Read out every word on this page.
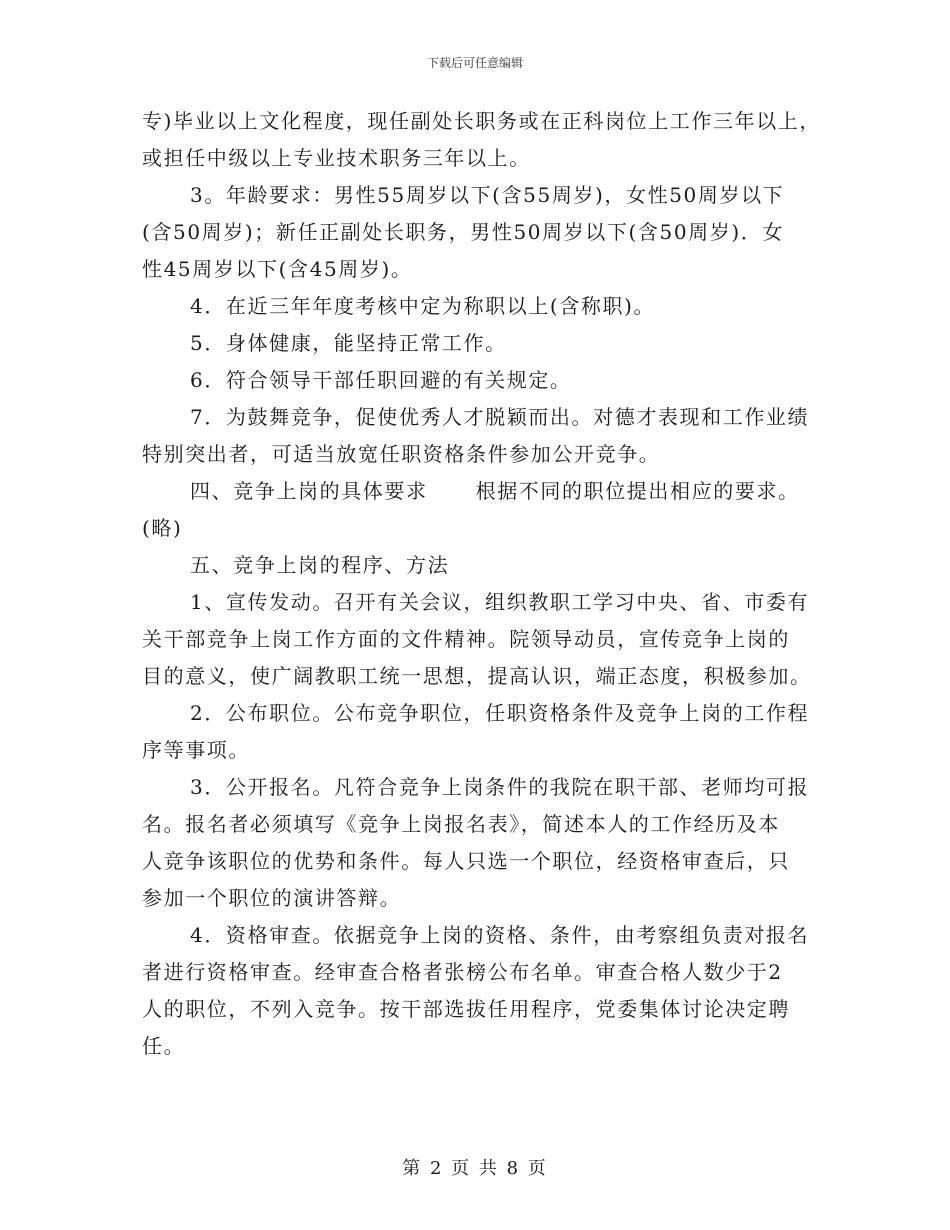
下载后可任意编辑
专)毕业以上文化程度，现任副处长职务或在正科岗位上工作三年以上，
或担任中级以上专业技术职务三年以上。
3。年龄要求：男性55周岁以下(含55周岁)，女性50周岁以下
(含50周岁)；新任正副处长职务，男性50周岁以下(含50周岁)．女
性45周岁以下(含45周岁)。
4．在近三年年度考核中定为称职以上(含称职)。
5．身体健康，能坚持正常工作。
6．符合领导干部任职回避的有关规定。
7．为鼓舞竞争，促使优秀人才脱颖而出。对德才表现和工作业绩
特别突出者，可适当放宽任职资格条件参加公开竞争。
四、竞争上岗的具体要求 根据不同的职位提出相应的要求。
(略)
五、竞争上岗的程序、方法
1、宣传发动。召开有关会议，组织教职工学习中央、省、市委有
关干部竞争上岗工作方面的文件精神。院领导动员，宣传竞争上岗的
目的意义，使广阔教职工统一思想，提高认识，端正态度，积极参加。
2．公布职位。公布竞争职位，任职资格条件及竞争上岗的工作程
序等事项。
3．公开报名。凡符合竞争上岗条件的我院在职干部、老师均可报
名。报名者必须填写《竞争上岗报名表》，简述本人的工作经历及本
人竞争该职位的优势和条件。每人只选一个职位，经资格审查后，只
参加一个职位的演讲答辩。
4．资格审查。依据竞争上岗的资格、条件，由考察组负责对报名
者进行资格审查。经审查合格者张榜公布名单。审查合格人数少于2
人的职位，不列入竞争。按干部选拔任用程序，党委集体讨论决定聘
任。
第 2 页 共 8 页
